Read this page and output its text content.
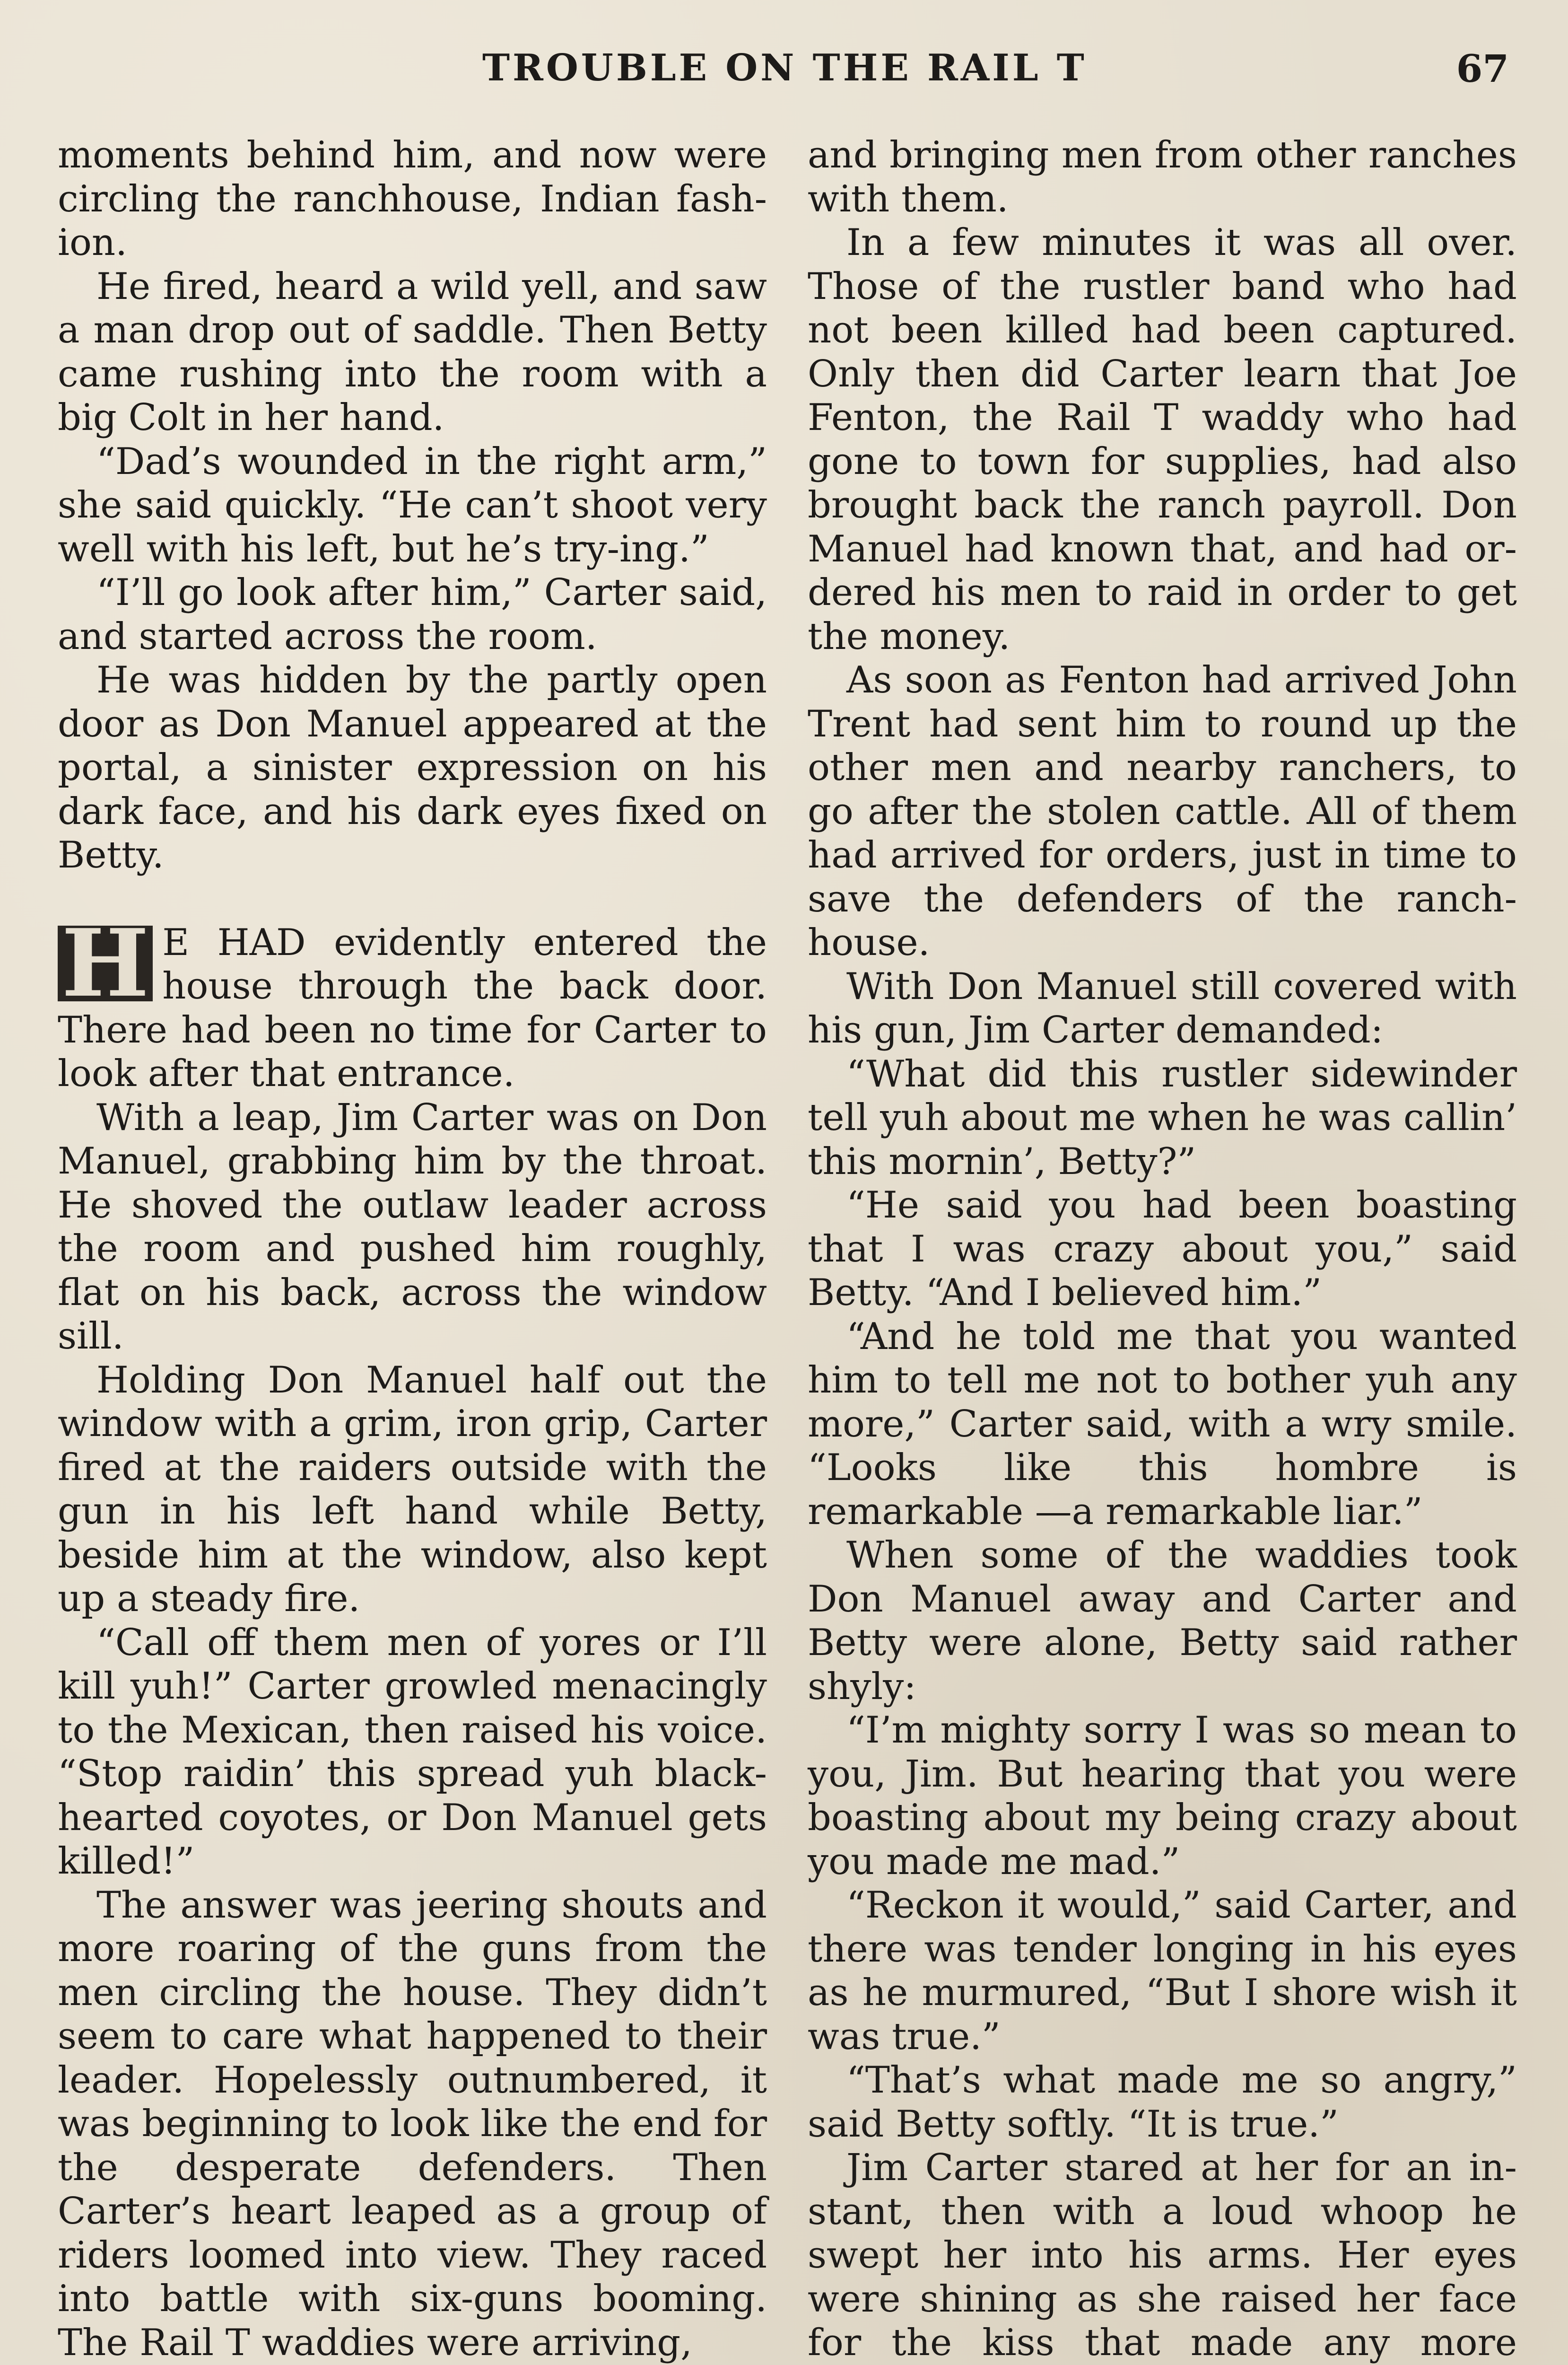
TROUBLE ON THE RAIL T	67

moments behind him, and now were circling the ranchhouse, Indian fash-ion.

He fired, heard a wild yell, and saw a man drop out of saddle. Then Betty came rushing into the room with a big Colt in her hand.

“Dad’s wounded in the right arm,” she said quickly. “He can’t shoot very well with his left, but he’s try-ing.”

“I’ll go look after him,” Carter said, and started across the room.

He was hidden by the partly open door as Don Manuel appeared at the portal, a sinister expression on his dark face, and his dark eyes fixed on Betty.

H E HAD evidently entered the house through the back door. There had been no time for Carter to look after that entrance.

With a leap, Jim Carter was on Don Manuel, grabbing him by the throat. He shoved the outlaw leader across the room and pushed him roughly, flat on his back, across the window sill.

Holding Don Manuel half out the window with a grim, iron grip, Carter fired at the raiders outside with the gun in his left hand while Betty, beside him at the window, also kept up a steady fire.

“Call off them men of yores or I’ll kill yuh!” Carter growled menacingly to the Mexican, then raised his voice. “Stop raidin’ this spread yuh black-hearted coyotes, or Don Manuel gets killed!”

The answer was jeering shouts and more roaring of the guns from the men circling the house. They didn’t seem to care what happened to their leader. Hopelessly outnumbered, it was beginning to look like the end for the desperate defenders. Then Carter’s heart leaped as a group of riders loomed into view. They raced into battle with six-guns booming. The Rail T waddies were arriving,

and bringing men from other ranches with them.

In a few minutes it was all over. Those of the rustler band who had not been killed had been captured. Only then did Carter learn that Joe Fenton, the Rail T waddy who had gone to town for supplies, had also brought back the ranch payroll. Don Manuel had known that, and had or-dered his men to raid in order to get the money.

As soon as Fenton had arrived John Trent had sent him to round up the other men and nearby ranchers, to go after the stolen cattle. All of them had arrived for orders, just in time to save the defenders of the ranch-house.

With Don Manuel still covered with his gun, Jim Carter demanded:

“What did this rustler sidewinder tell yuh about me when he was callin’ this mornin’, Betty?”

“He said you had been boasting that I was crazy about you,” said Betty. “And I believed him.”

“And he told me that you wanted him to tell me not to bother yuh any more,” Carter said, with a wry smile. “Looks like this hombre is remarkable —a remarkable liar.”

When some of the waddies took Don Manuel away and Carter and Betty were alone, Betty said rather shyly:

“I’m mighty sorry I was so mean to you, Jim. But hearing that you were boasting about my being crazy about you made me mad.”

“Reckon it would,” said Carter, and there was tender longing in his eyes as he murmured, “But I shore wish it was true.”

“That’s what made me so angry,” said Betty softly. “It is true.”

Jim Carter stared at her for an in-stant, then with a loud whoop he swept her into his arms. Her eyes were shining as she raised her face for the kiss that made any more
